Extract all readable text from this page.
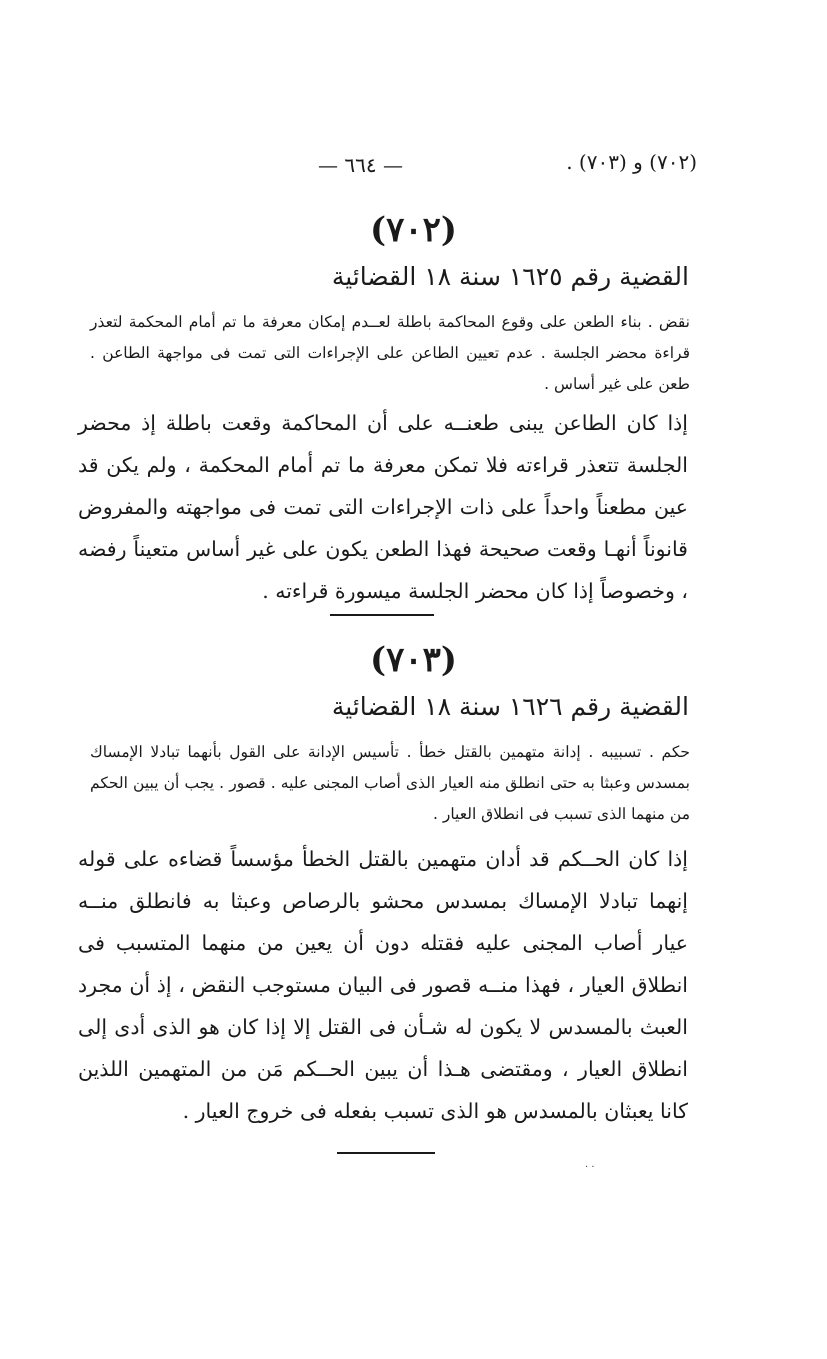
(٧٠٢) و (٧٠٣) .
— ٦٦٤ —
(٧٠٢)
القضية رقم ١٦٢٥ سنة ١٨ القضائية
نقض . بناء الطعن على وقوع المحاكمة باطلة لعــدم إمكان معرفة ما تم أمام المحكمة لتعذر قراءة محضر الجلسة . عدم تعيين الطاعن على الإجراءات التى تمت فى مواجهة الطاعن . طعن على غير أساس .
إذا كان الطاعن يبنى طعنــه على أن المحاكمة وقعت باطلة إذ محضر الجلسة تتعذر قراءته فلا تمكن معرفة ما تم أمام المحكمة ، ولم يكن قد عين مطعناً واحداً على ذات الإجراءات التى تمت فى مواجهته والمفروض قانوناً أنهـا وقعت صحيحة فهذا الطعن يكون على غير أساس متعيناً رفضه ، وخصوصاً إذا كان محضر الجلسة ميسورة قراءته .
(٧٠٣)
القضية رقم ١٦٢٦ سنة ١٨ القضائية
حكم . تسبيبه . إدانة متهمين بالقتل خطأ . تأسيس الإدانة على القول بأنهما تبادلا الإمساك بمسدس وعبثا به حتى انطلق منه العيار الذى أصاب المجنى عليه . قصور . يجب أن يبين الحكم من منهما الذى تسبب فى انطلاق العيار .
إذا كان الحــكم قد أدان متهمين بالقتل الخطأ مؤسساً قضاءه على قوله إنهما تبادلا الإمساك بمسدس محشو بالرصاص وعبثا به فانطلق منــه عيار أصاب المجنى عليه فقتله دون أن يعين من منهما المتسبب فى انطلاق العيار ، فهذا منــه قصور فى البيان مستوجب النقض ، إذ أن مجرد العبث بالمسدس لا يكون له شـأن فى القتل إلا إذا كان هو الذى أدى إلى انطلاق العيار ، ومقتضى هـذا أن يبين الحــكم مَن من المتهمين اللذين كانا يعبثان بالمسدس هو الذى تسبب بفعله فى خروج العيار .
· ·
